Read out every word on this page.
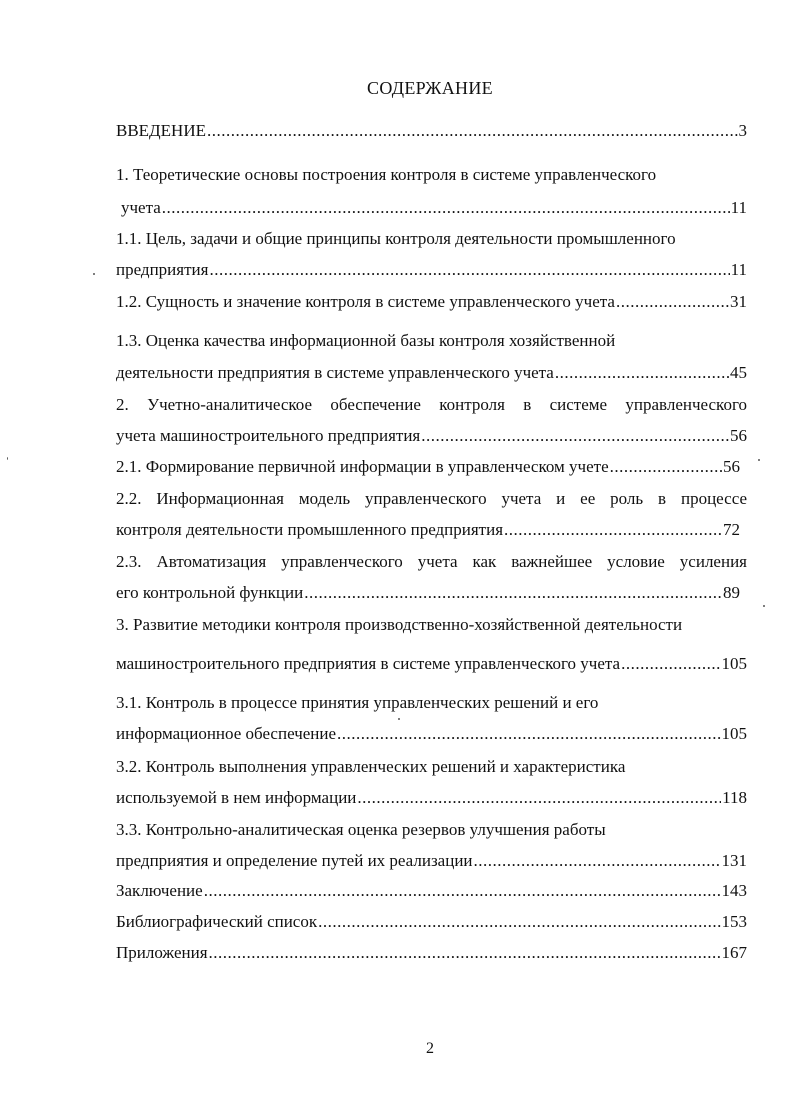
СОДЕРЖАНИЕ
ВВЕДЕНИЕ .....	3
1. Теоретические основы построения контроля в системе управленческого
учета .....	11
1.1. Цель, задачи и общие принципы контроля деятельности промышленного
предприятия .....	11
1.2. Сущность и значение контроля в системе управленческого учета .....	31
1.3. Оценка качества информационной базы контроля хозяйственной
деятельности предприятия в системе управленческого учета .....	45
2. Учетно-аналитическое обеспечение контроля в системе управленческого
учета машиностроительного предприятия .....	56
2.1. Формирование первичной информации в управленческом учете .....	56
2.2. Информационная модель управленческого учета и ее роль в процессе
контроля деятельности промышленного предприятия .....	72
2.3. Автоматизация управленческого учета как важнейшее условие усиления
его контрольной функции .....	89
3. Развитие методики контроля производственно-хозяйственной деятельности
машиностроительного предприятия в системе управленческого учета .....	105
3.1. Контроль в процессе принятия управленческих решений и его
информационное обеспечение .....	105
3.2. Контроль выполнения управленческих решений и характеристика
используемой в нем информации .....	118
3.3. Контрольно-аналитическая оценка резервов улучшения работы
предприятия и определение путей их реализации .....	131
Заключение .....	143
Библиографический список .....	153
Приложения .....	167
2
